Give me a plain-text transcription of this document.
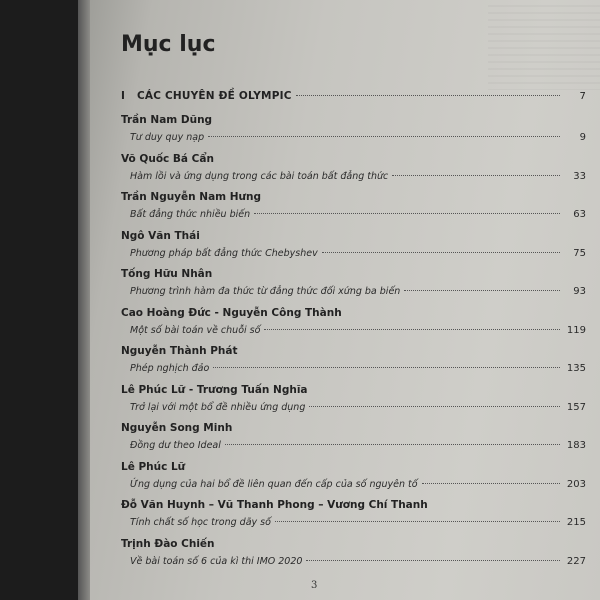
Mục lục
I	CÁC CHUYÊN ĐỀ OLYMPIC	7
Trần Nam Dũng
Tư duy quy nạp	9
Võ Quốc Bá Cẩn
Hàm lồi và ứng dụng trong các bài toán bất đẳng thức	33
Trần Nguyễn Nam Hưng
Bất đẳng thức nhiều biến	63
Ngô Văn Thái
Phương pháp bất đẳng thức Chebyshev	75
Tống Hữu Nhân
Phương trình hàm đa thức từ đẳng thức đối xứng ba biến	93
Cao Hoàng Đức - Nguyễn Công Thành
Một số bài toán về chuỗi số	119
Nguyễn Thành Phát
Phép nghịch đảo	135
Lê Phúc Lữ - Trương Tuấn Nghĩa
Trở lại với một bổ đề nhiều ứng dụng	157
Nguyễn Song Minh
Đồng dư theo Ideal	183
Lê Phúc Lữ
Ứng dụng của hai bổ đề liên quan đến cấp của số nguyên tố	203
Đỗ Văn Huynh – Vũ Thanh Phong – Vương Chí Thanh
Tính chất số học trong dãy số	215
Trịnh Đào Chiến
Về bài toán số 6 của kì thi IMO 2020	227
3
